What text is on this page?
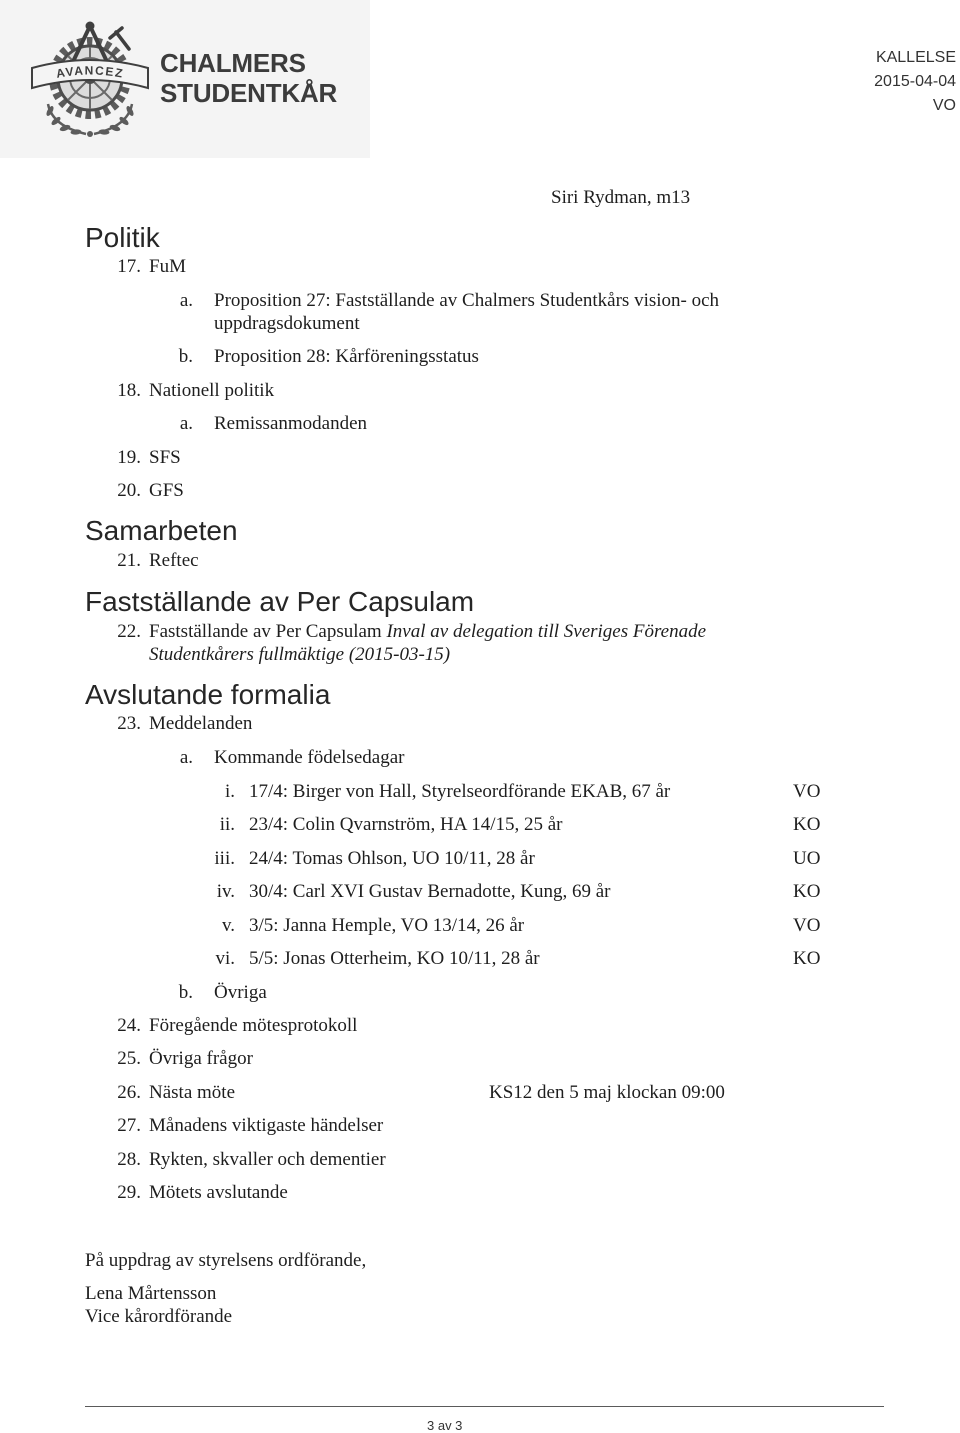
AVANCEZ CHALMERS
STUDENTKÅR
KALLELSE
2015-04-04
VO
Siri Rydman, m13
Politik
17. FuM
a. Proposition 27: Fastställande av Chalmers Studentkårs vision- och uppdragsdokument
b. Proposition 28: Kårföreningsstatus
18. Nationell politik
a. Remissanmodanden
19. SFS
20. GFS
Samarbeten
21. Reftec
Fastställande av Per Capsulam
22. Fastställande av Per Capsulam Inval av delegation till Sveriges Förenade Studentkårers fullmäktige (2015-03-15)
Avslutande formalia
23. Meddelanden
a. Kommande födelsedagar
i. 17/4: Birger von Hall, Styrelseordförande EKAB, 67 år	VO
ii. 23/4: Colin Qvarnström, HA 14/15, 25 år	KO
iii. 24/4: Tomas Ohlson, UO 10/11, 28 år	UO
iv. 30/4: Carl XVI Gustav Bernadotte, Kung, 69 år	KO
v. 3/5: Janna Hemple, VO 13/14, 26 år	VO
vi. 5/5: Jonas Otterheim, KO 10/11, 28 år	KO
b. Övriga
24. Föregående mötesprotokoll
25. Övriga frågor
26. Nästa möte	KS12 den 5 maj klockan 09:00
27. Månadens viktigaste händelser
28. Rykten, skvaller och dementier
29. Mötets avslutande
På uppdrag av styrelsens ordförande,
Lena Mårtensson
Vice kårordförande
3 av 3
